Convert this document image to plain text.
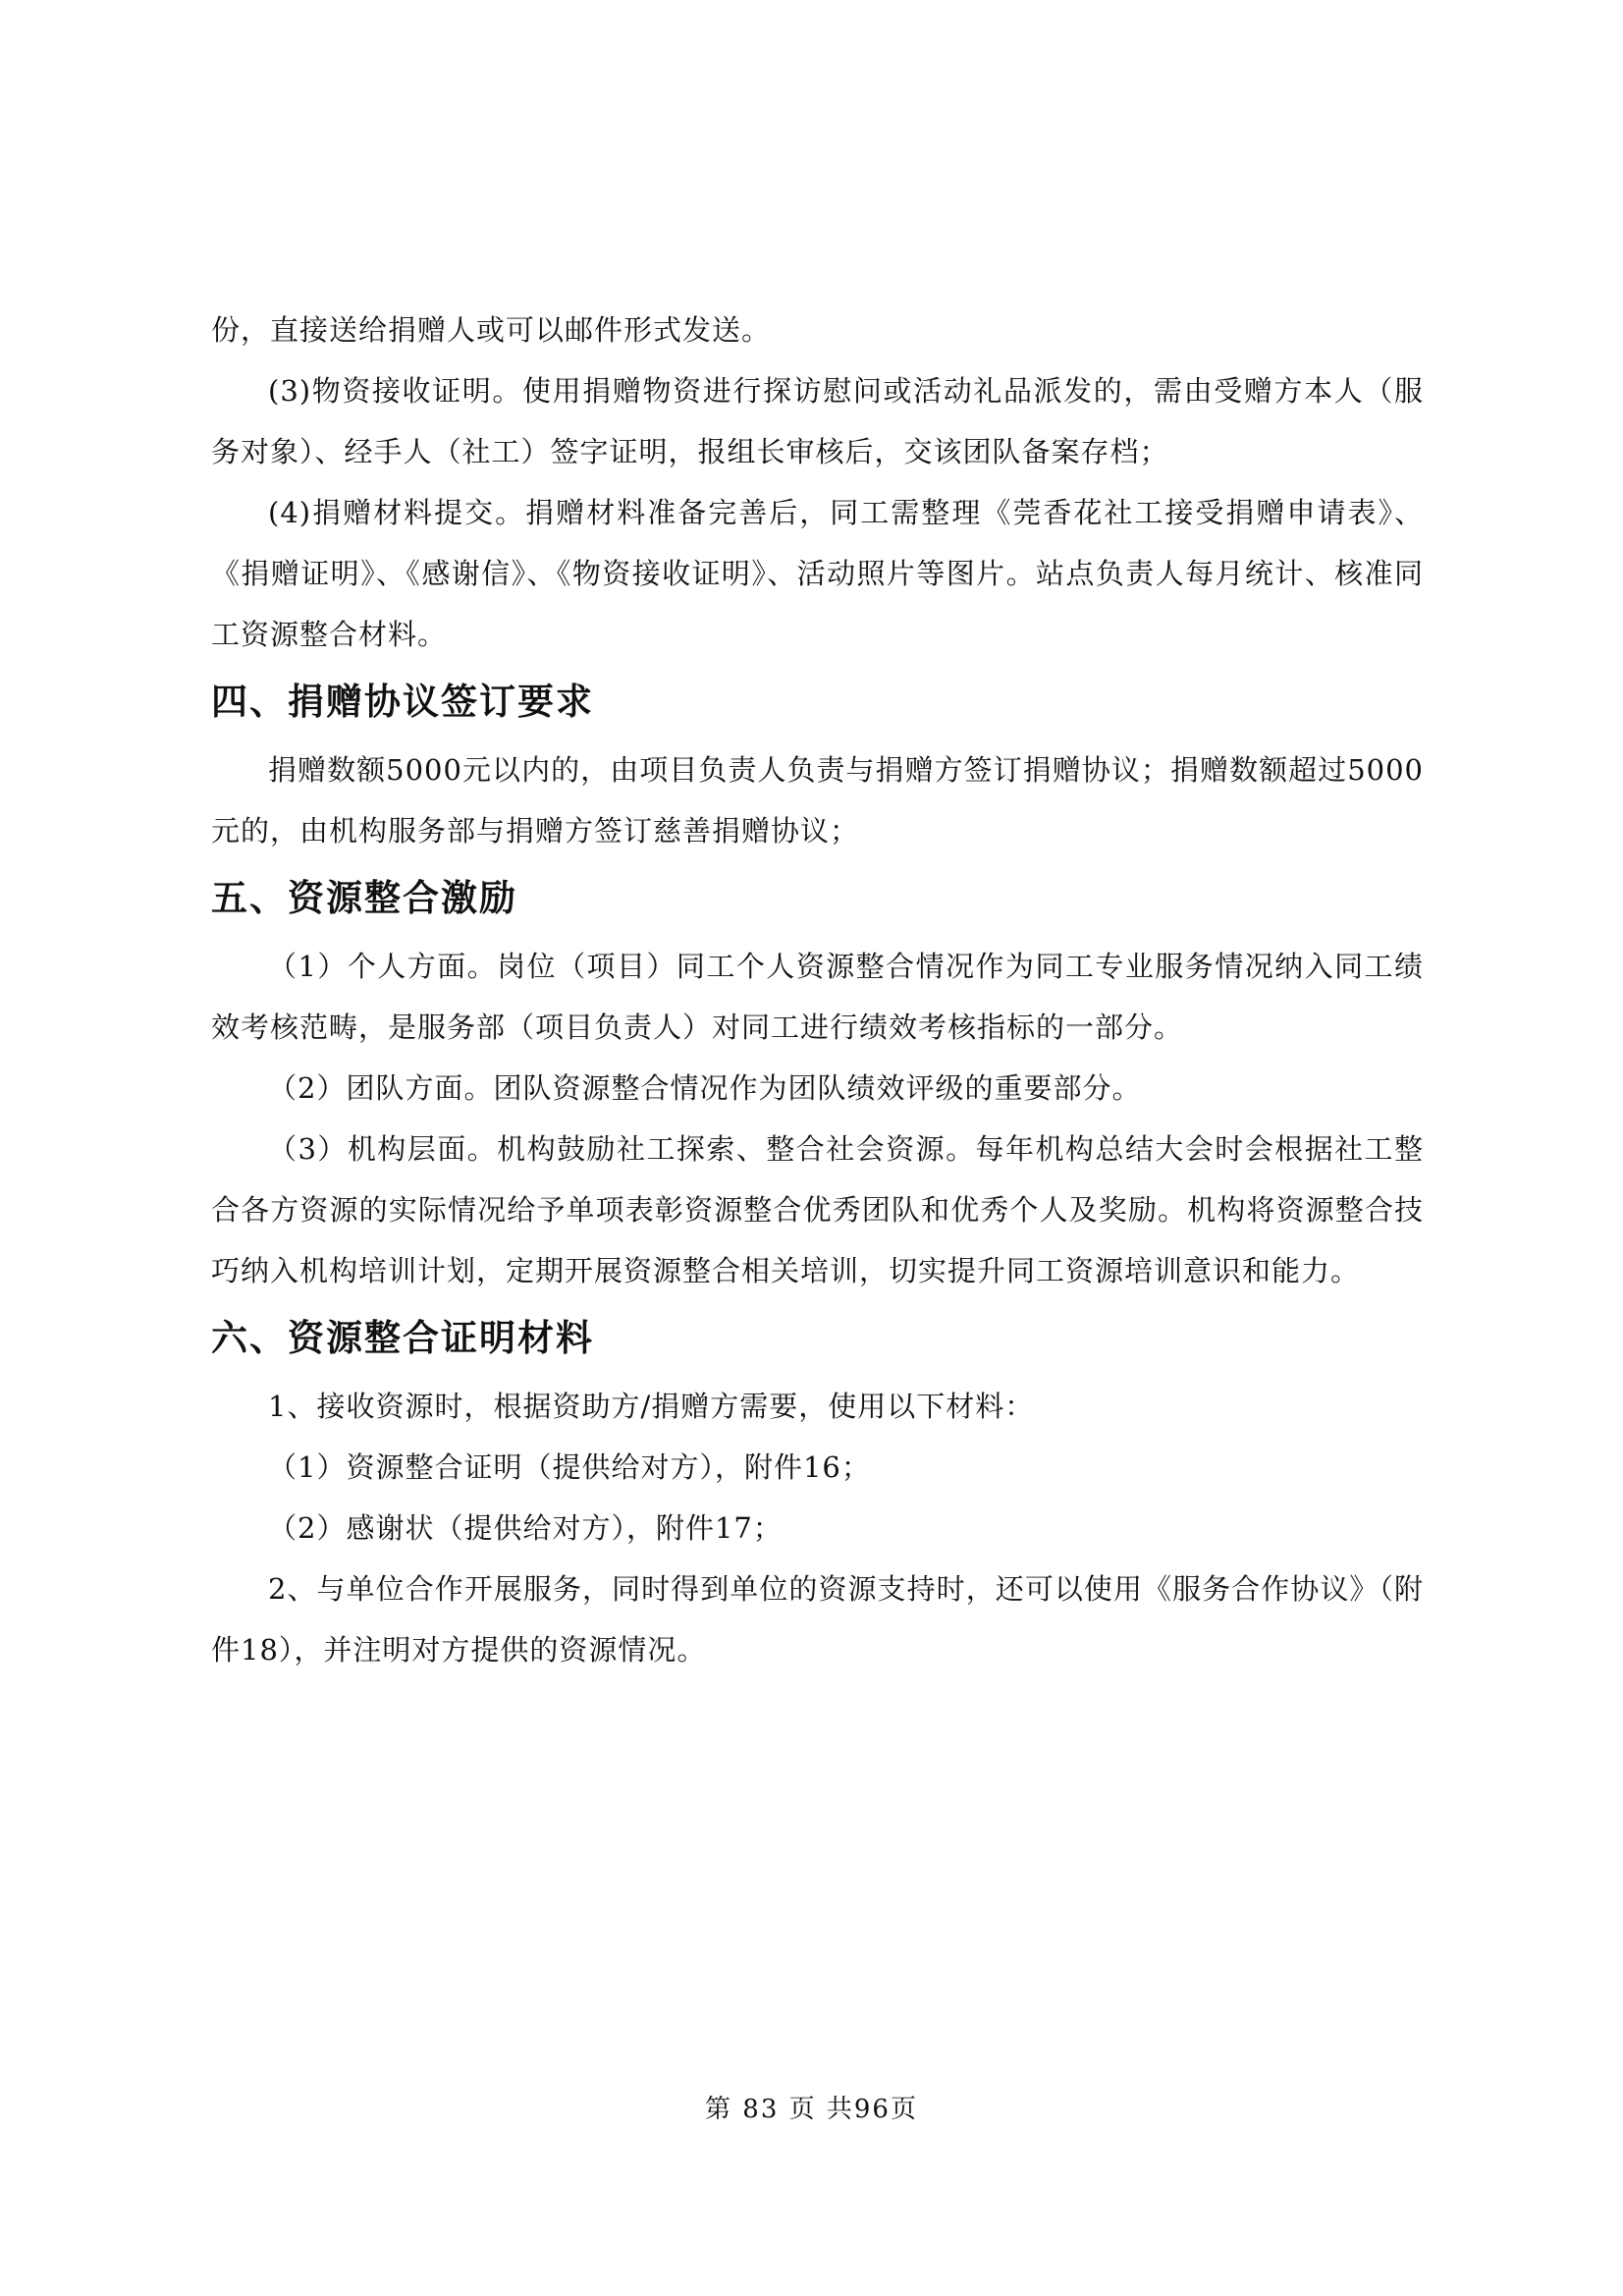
份，直接送给捐赠人或可以邮件形式发送。

(3)物资接收证明。使用捐赠物资进行探访慰问或活动礼品派发的，需由受赠方本人（服务对象）、经手人（社工）签字证明，报组长审核后，交该团队备案存档；

(4)捐赠材料提交。捐赠材料准备完善后，同工需整理《莞香花社工接受捐赠申请表》、《捐赠证明》、《感谢信》、《物资接收证明》、活动照片等图片。站点负责人每月统计、核准同工资源整合材料。

四、捐赠协议签订要求

捐赠数额5000元以内的，由项目负责人负责与捐赠方签订捐赠协议；捐赠数额超过5000元的，由机构服务部与捐赠方签订慈善捐赠协议；

五、资源整合激励

（1）个人方面。岗位（项目）同工个人资源整合情况作为同工专业服务情况纳入同工绩效考核范畴，是服务部（项目负责人）对同工进行绩效考核指标的一部分。

（2）团队方面。团队资源整合情况作为团队绩效评级的重要部分。

（3）机构层面。机构鼓励社工探索、整合社会资源。每年机构总结大会时会根据社工整合各方资源的实际情况给予单项表彰资源整合优秀团队和优秀个人及奖励。机构将资源整合技巧纳入机构培训计划，定期开展资源整合相关培训，切实提升同工资源培训意识和能力。

六、资源整合证明材料

1、接收资源时，根据资助方/捐赠方需要，使用以下材料：

（1）资源整合证明（提供给对方），附件16；

（2）感谢状（提供给对方），附件17；

2、与单位合作开展服务，同时得到单位的资源支持时，还可以使用《服务合作协议》（附件18），并注明对方提供的资源情况。

第 83 页 共96页
